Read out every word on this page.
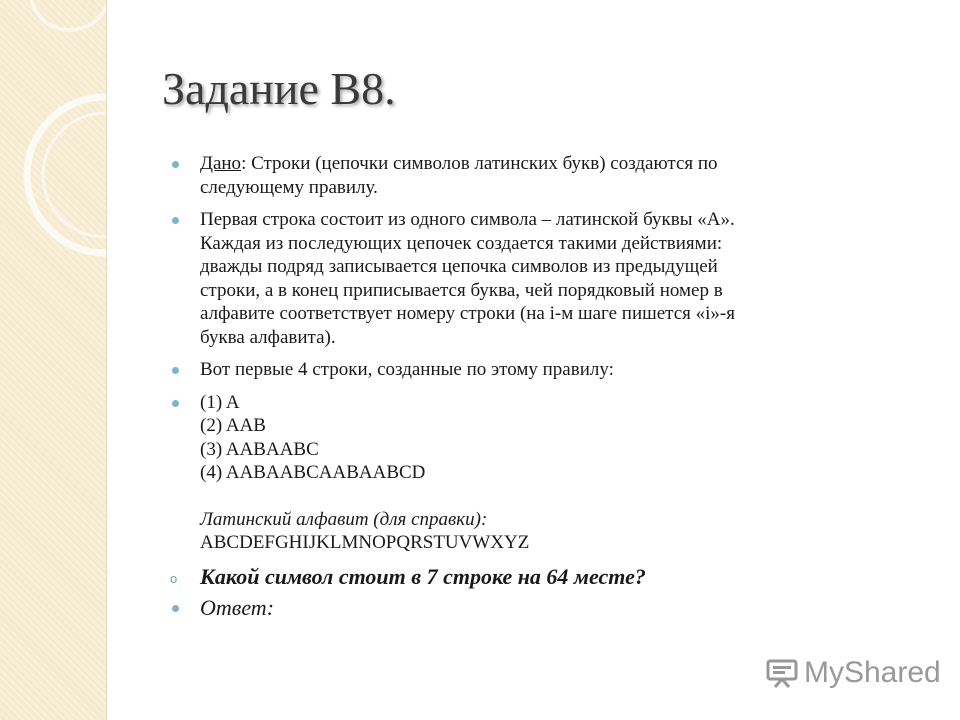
Задание В8.
Дано: Строки (цепочки символов латинских букв) создаются по
следующему правилу.
Первая строка состоит из одного символа – латинской буквы «А».
Каждая из последующих цепочек создается такими действиями:
дважды подряд записывается цепочка символов из предыдущей
строки, а в конец приписывается буква, чей порядковый номер в
алфавите соответствует номеру строки (на i-м шаге пишется «i»-я
буква алфавита).
Вот первые 4 строки, созданные по этому правилу:
(1) A
(2) AAB
(3) AABAABC
(4) AABAABCAABAABCD
Латинский алфавит (для справки):
ABCDEFGHIJKLMNOPQRSTUVWXYZ
o Какой символ стоит в 7 строке на 64 месте?
Ответ:
MyShared
